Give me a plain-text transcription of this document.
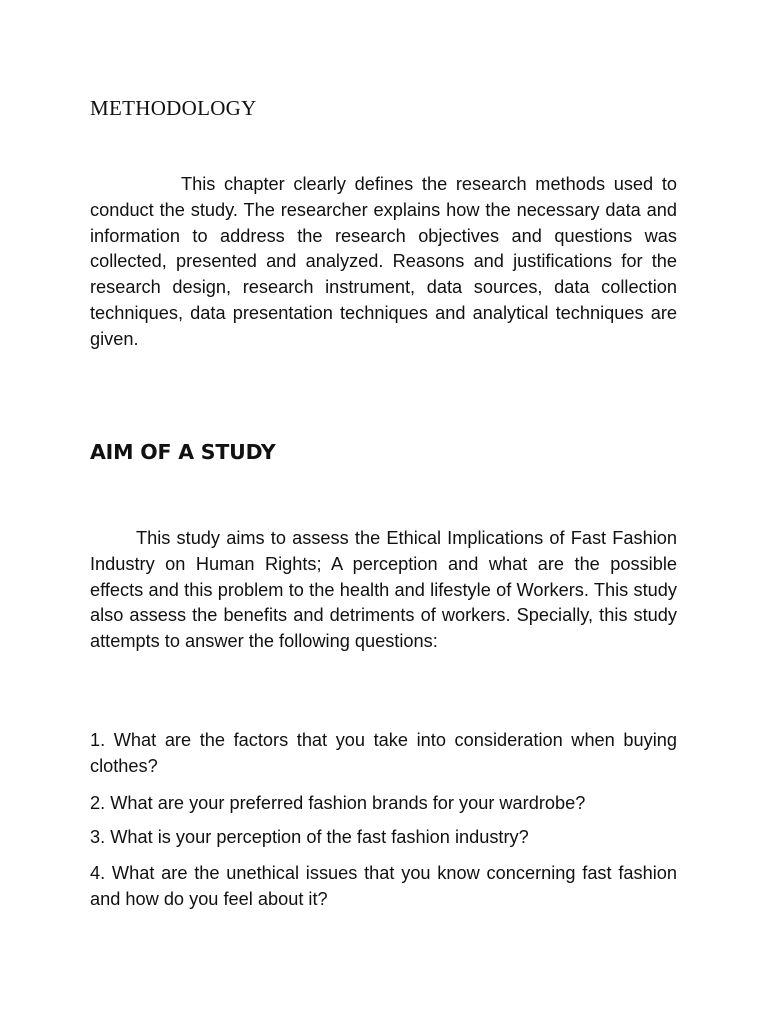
METHODOLOGY

This chapter clearly defines the research methods used to conduct the study. The researcher explains how the necessary data and information to address the research objectives and questions was collected, presented and analyzed. Reasons and justifications for the research design, research instrument, data sources, data collection techniques, data presentation techniques and analytical techniques are given.

AIM OF A STUDY

This study aims to assess the Ethical Implications of Fast Fashion Industry on Human Rights; A perception and what are the possible effects and this problem to the health and lifestyle of Workers. This study also assess the benefits and detriments of workers. Specially, this study attempts to answer the following questions:

1. What are the factors that you take into consideration when buying clothes?

2. What are your preferred fashion brands for your wardrobe?

3. What is your perception of the fast fashion industry?

4. What are the unethical issues that you know concerning fast fashion and how do you feel about it?
